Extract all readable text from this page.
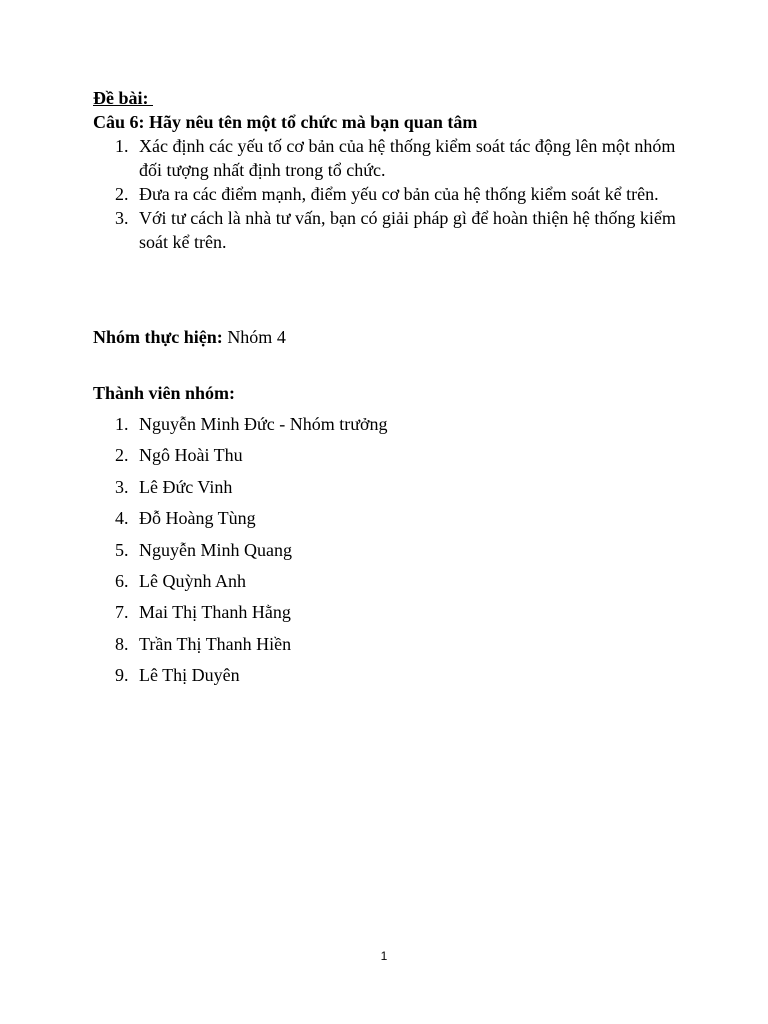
Đề bài:
Câu 6: Hãy nêu tên một tổ chức mà bạn quan tâm
1. Xác định các yếu tố cơ bản của hệ thống kiểm soát tác động lên một nhóm đối tượng nhất định trong tổ chức.
2. Đưa ra các điểm mạnh, điểm yếu cơ bản của hệ thống kiểm soát kể trên.
3. Với tư cách là nhà tư vấn, bạn có giải pháp gì để hoàn thiện hệ thống kiểm soát kể trên.
Nhóm thực hiện: Nhóm 4
Thành viên nhóm:
1. Nguyễn Minh Đức - Nhóm trưởng
2. Ngô Hoài Thu
3. Lê Đức Vinh
4. Đỗ Hoàng Tùng
5. Nguyễn Minh Quang
6. Lê Quỳnh Anh
7. Mai Thị Thanh Hằng
8. Trần Thị Thanh Hiền
9. Lê Thị Duyên
1
